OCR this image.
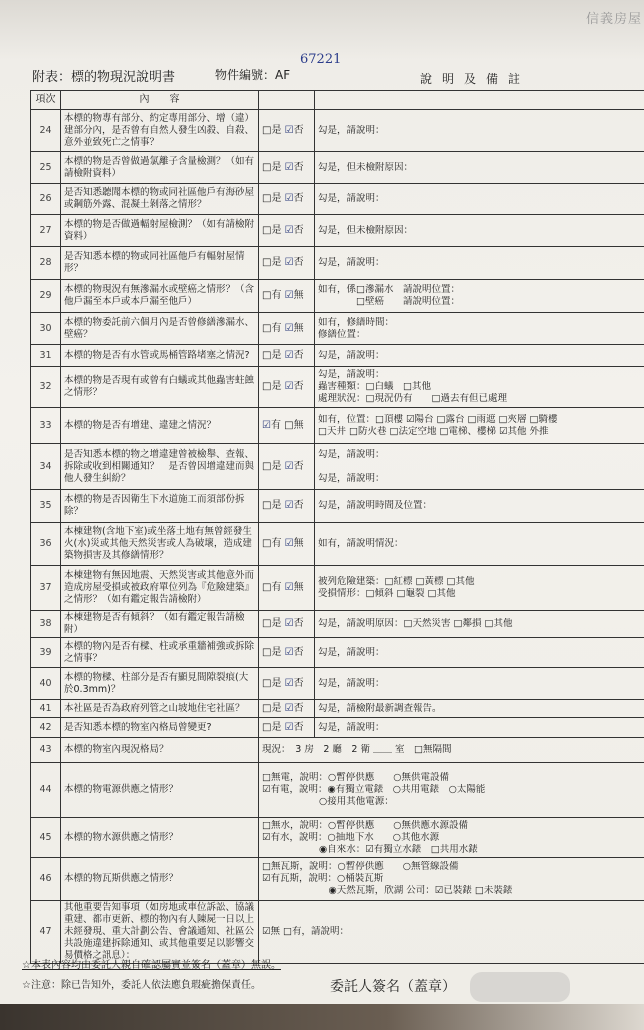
信義房屋
附表：標的物現況說明書	物件編號：AF
67221
說明及備註
項次	內　　容		
24	本標的物專有部分、約定專用部分、增（違）建部分內，是否曾有自然人發生凶殺、自殺、意外並致死亡之情事？	□是 ☑否	勾是，請說明：

25	本標的物是否曾做過氯離子含量檢測？（如有請檢附資料）	□是 ☑否	勾是，但未檢附原因：

26	是否知悉聽聞本標的物或同社區他戶有海砂屋或鋼筋外露、混凝土剝落之情形？	□是 ☑否	勾是，請說明：

27	本標的物是否做過輻射屋檢測？（如有請檢附資料）	□是 ☑否	勾是，但未檢附原因：

28	是否知悉本標的物或同社區他戶有輻射屋情形？	□是 ☑否	勾是，請說明：

29	本標的物現況有無滲漏水或壁癌之情形？（含他戶漏至本戶或本戶漏至他戶）	□有 ☑無	如有，係□滲漏水　請說明位置：
　　　　□壁癌　　請說明位置：

30	本標的物委託前六個月內是否曾修繕滲漏水、壁癌？	□有 ☑無	如有，修繕時間：
修繕位置：

31	本標的物是否有水管或馬桶管路堵塞之情況?	□是 ☑否	勾是，請說明：

32	本標的物是否現有或曾有白蟻或其他蟲害蛀蝕之情形？	□是 ☑否	勾是，請說明：
蟲害種類：□白蟻　□其他
處理狀況：□現況仍有　　□過去有但已處理

33	本標的物是否有增建、違建之情況？	☑有 □無	如有，位置：□頂樓 ☑陽台 □露台 □雨遮 □夾層 □騎樓
□天井 □防火巷 □法定空地 □電梯、樓梯 ☑其他 外推

34	是否知悉本標的物之增違建曾被檢舉、查報、拆除或收到相關通知？　是否曾因增違建而與他人發生糾紛？	□是 ☑否	勾是，請說明：

勾是，請說明：

35	本標的物是否因衛生下水道施工而須部份拆除？	□是 ☑否	勾是，請說明時間及位置：

36	本棟建物(含地下室)或坐落土地有無曾經發生火(水)災或其他天然災害或人為破壞，造成建築物損害及其修繕情形？	□有 ☑無	如有，請說明情況：

37	本棟建物有無因地震、天然災害或其他意外而造成房屋受損或被政府單位列為『危險建築』之情形？（如有鑑定報告請檢附）	□有 ☑無	被列危險建築：□紅標 □黃標 □其他
受損情形：□傾斜 □龜裂 □其他

38	本棟建物是否有傾斜？（如有鑑定報告請檢附）	□是 ☑否	勾是，請說明原因：□天然災害 □鄰損 □其他

39	本標的物內是否有樑、柱或承重牆補強或拆除之情事？	□是 ☑否	勾是，請說明：

40	本標的物樑、柱部分是否有顯見間隙裂痕(大於0.3mm)？	□是 ☑否	勾是，請說明：

41	本社區是否為政府列管之山坡地住宅社區？	□是 ☑否	勾是，請檢附最新調查報告。

42	是否知悉本標的物室內格局曾變更?	□是 ☑否	勾是，請說明：

43	本標的物室內現況格局？	現況：　3 房　2 廳　2 衛 ＿＿ 室　□無隔間	

44	本標的物電源供應之情形？	□無電，說明：○暫停供應　　○無供電設備
☑有電，說明：◉有獨立電錶　○共用電錶　○太陽能
　　　　　　○接用其他電源：	

45	本標的物水源供應之情形？	□無水，說明：○暫停供應　　○無供應水源設備
☑有水，說明：○抽地下水　　○其他水源
　　　　　　◉自來水：☑有獨立水錶　□共用水錶	

46	本標的物瓦斯供應之情形？	□無瓦斯，說明：○暫停供應　　○無管線設備
☑有瓦斯，說明：○桶裝瓦斯
　　　　　　　◉天然瓦斯，欣湖 公司：☑已裝錶 □未裝錶	

47	其他重要告知事項（如房地或車位訴訟、協議重建、都市更新、標的物內有人陳屍一日以上未經發現、重大計劃公告、會議通知、社區公共設施違建拆除通知、或其他重要足以影響交易價格之訊息）：	☑無 □有，請說明：	
☆本表內容均由委託人親自確認屬實並簽名（蓋章）無誤。
☆注意：除已告知外，委託人依法應負瑕疵擔保責任。	委託人簽名（蓋章）
